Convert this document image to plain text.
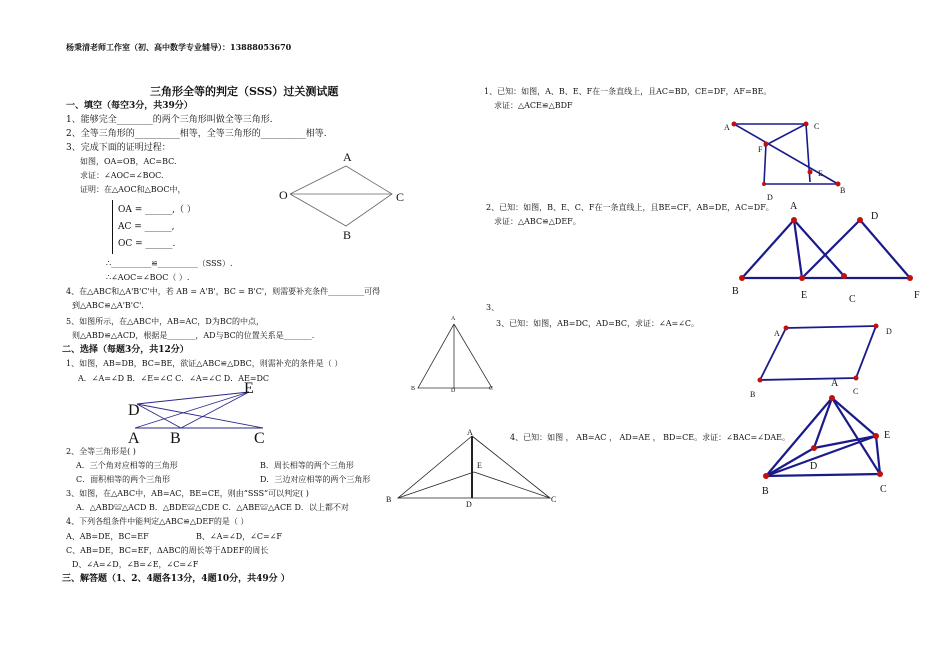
杨秉清老师工作室（初、高中数学专业辅导）：13888053670
三角形全等的判定（SSS）过关测试题
一、填空（每空3分，共39分）
1、能够完全________的两个三角形叫做全等三角形.
2、全等三角形的__________相等，全等三角形的__________相等.
3、完成下面的证明过程：
如图，OA=OB，AC=BC.
求证：∠AOC=∠BOC.
证明：在△AOC和△BOC中，
OA = ______,（ ）
AC = ______,
OC = ______.
∴__________≌__________（SSS）.
∴∠AOC=∠BOC（ ）.
4、在△ABC和△A'B'C'中，若 AB = A'B'，BC = B'C'，则需要补充条件_________可得
到△ABC≌△A'B'C'.
5、如图所示，在△ABC中，AB=AC，D为BC的中点，
则△ABD≌△ACD，根据是_______，AD与BC的位置关系是_______.
二、选择（每题3分，共12分）
1、如图，AB=DB，BC=BE，欲证△ABC≌△DBC，则需补充的条件是（ ）
A．∠A=∠D B．∠E=∠C C．∠A=∠C D．AE=DC
2、全等三角形是( )
A．三个角对应相等的三角形	B．周长相等的两个三角形
C．面积相等的两个三角形	D．三边对应相等的两个三角形
3、如图，在△ABC中，AB=AC，BE=CE，则由“SSS”可以判定( )
A．△ABD≌△ACD B．△BDE≌△CDE C．△ABE≌△ACE D．以上都不对
4、下列各组条件中能判定△ABC≌△DEF的是（ ）
A、AB=DE，BC=EF	B、∠A=∠D，∠C=∠F
C、AB=DE，BC=EF，ΔABC的周长等于ΔDEF的周长
D、∠A=∠D，∠B=∠E，∠C=∠F
三、解答题（1、2、4题各13分，4题10分，共49分 ）
A
O	C
B
A
B	D	C
D
E
A B	C	A
E
B
D
C
1、已知：如图，A、B、E、F在一条直线上，且AC=BD，CE=DF，AF=BE。
求证：△ACE≌△BDF
2、已知：如图，B、E、C、F在一条直线上，且BE=CF，AB=DE，AC=DF。
求证：△ABC≌△DEF。
3、
3、已知：如图，AB=DC，AD=BC，求证：∠A=∠C。
4、已知：如图 ， AB=AC ， AD=AE ， BD=CE。求证：∠BAC=∠DAE。
A	C
F
E
D
B
A
D
B	E	C	F
A	D
B	C
A
E
D
B	C
